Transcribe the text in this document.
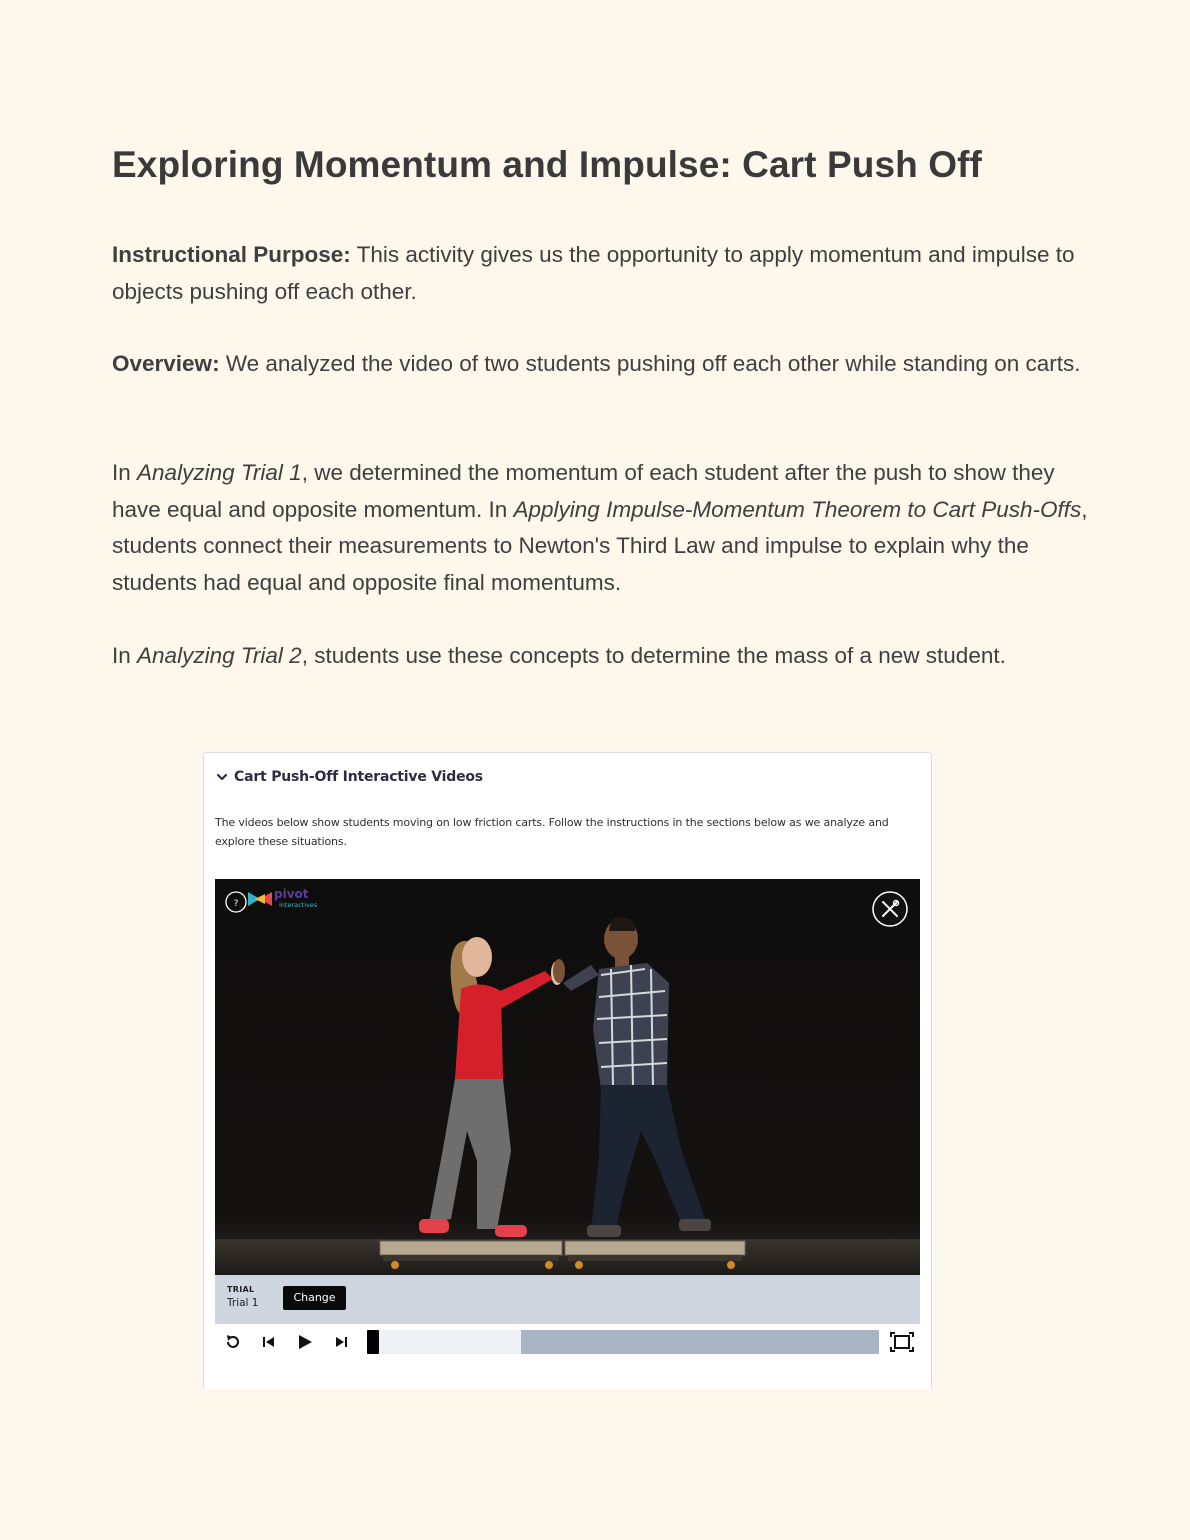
Exploring Momentum and Impulse: Cart Push Off

Instructional Purpose: This activity gives us the opportunity to apply momentum and impulse to objects pushing off each other.

Overview: We analyzed the video of two students pushing off each other while standing on carts.

In Analyzing Trial 1, we determined the momentum of each student after the push to show they have equal and opposite momentum. In Applying Impulse-Momentum Theorem to Cart Push-Offs, students connect their measurements to Newton's Third Law and impulse to explain why the students had equal and opposite final momentums.

In Analyzing Trial 2, students use these concepts to determine the mass of a new student.

Cart Push-Off Interactive Videos
The videos below show students moving on low friction carts. Follow the instructions in the sections below as we analyze and explore these situations.
?
pivot
interactives
TRIAL
Trial 1	Change
